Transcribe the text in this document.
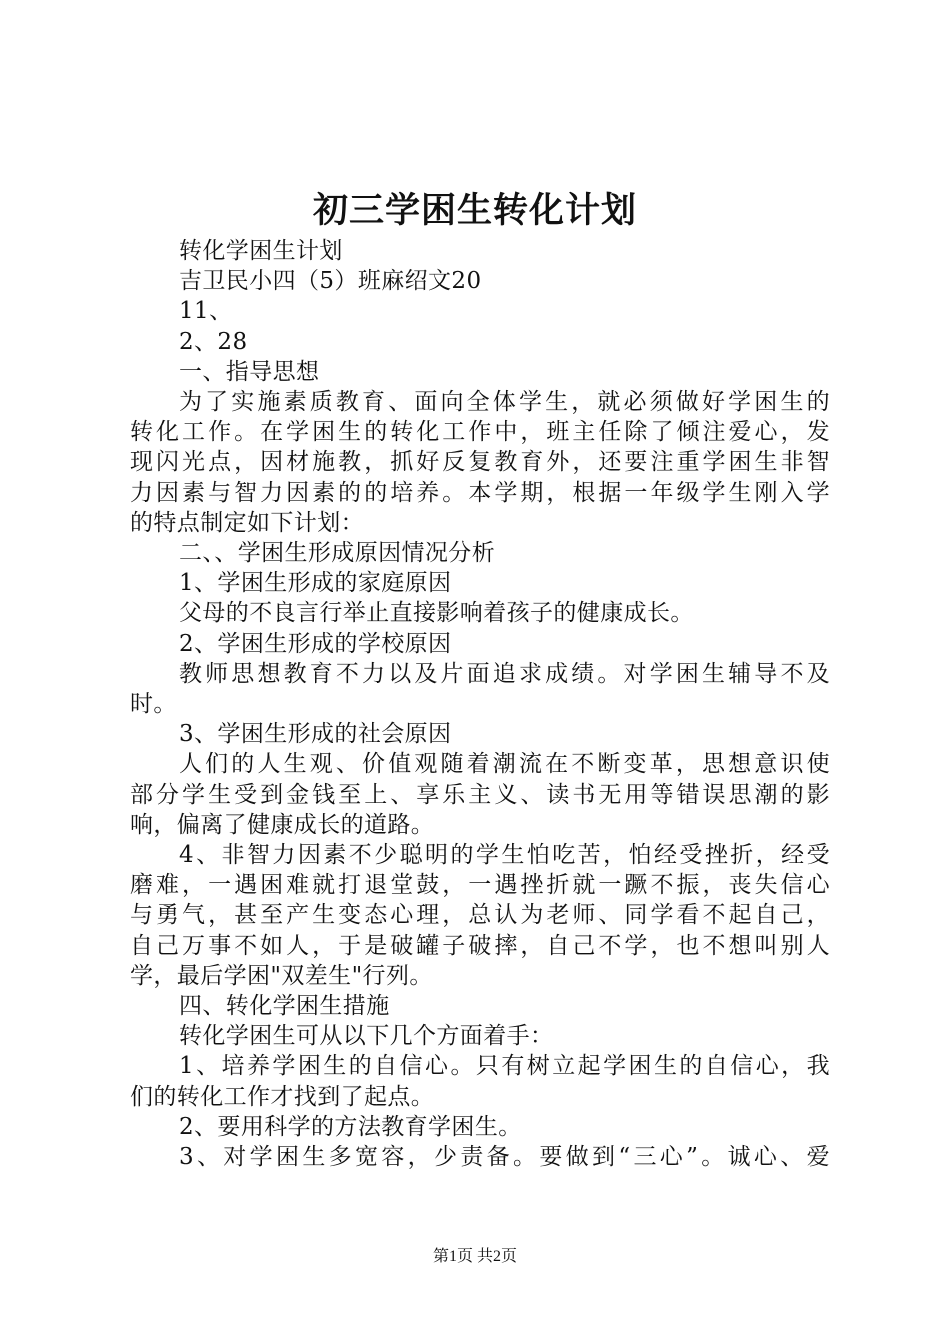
初三学困生转化计划
转化学困生计划
吉卫民小四（5）班麻绍文20
11、
2、28
一、指导思想
为了实施素质教育、面向全体学生，就必须做好学困生的
转化工作。在学困生的转化工作中，班主任除了倾注爱心，发
现闪光点，因材施教，抓好反复教育外，还要注重学困生非智
力因素与智力因素的的培养。本学期，根据一年级学生刚入学
的特点制定如下计划：
二、、学困生形成原因情况分析
1、学困生形成的家庭原因
父母的不良言行举止直接影响着孩子的健康成长。
2、学困生形成的学校原因
教师思想教育不力以及片面追求成绩。对学困生辅导不及
时。
3、学困生形成的社会原因
人们的人生观、价值观随着潮流在不断变革，思想意识使
部分学生受到金钱至上、享乐主义、读书无用等错误思潮的影
响，偏离了健康成长的道路。
4、非智力因素不少聪明的学生怕吃苦，怕经受挫折，经受
磨难，一遇困难就打退堂鼓，一遇挫折就一蹶不振，丧失信心
与勇气，甚至产生变态心理，总认为老师、同学看不起自己，
自己万事不如人，于是破罐子破摔，自己不学，也不想叫别人
学，最后学困"双差生"行列。
四、转化学困生措施
转化学困生可从以下几个方面着手：
1、培养学困生的自信心。只有树立起学困生的自信心，我
们的转化工作才找到了起点。
2、要用科学的方法教育学困生。
3、对学困生多宽容，少责备。要做到“三心”。诚心、爱
第1页 共2页
